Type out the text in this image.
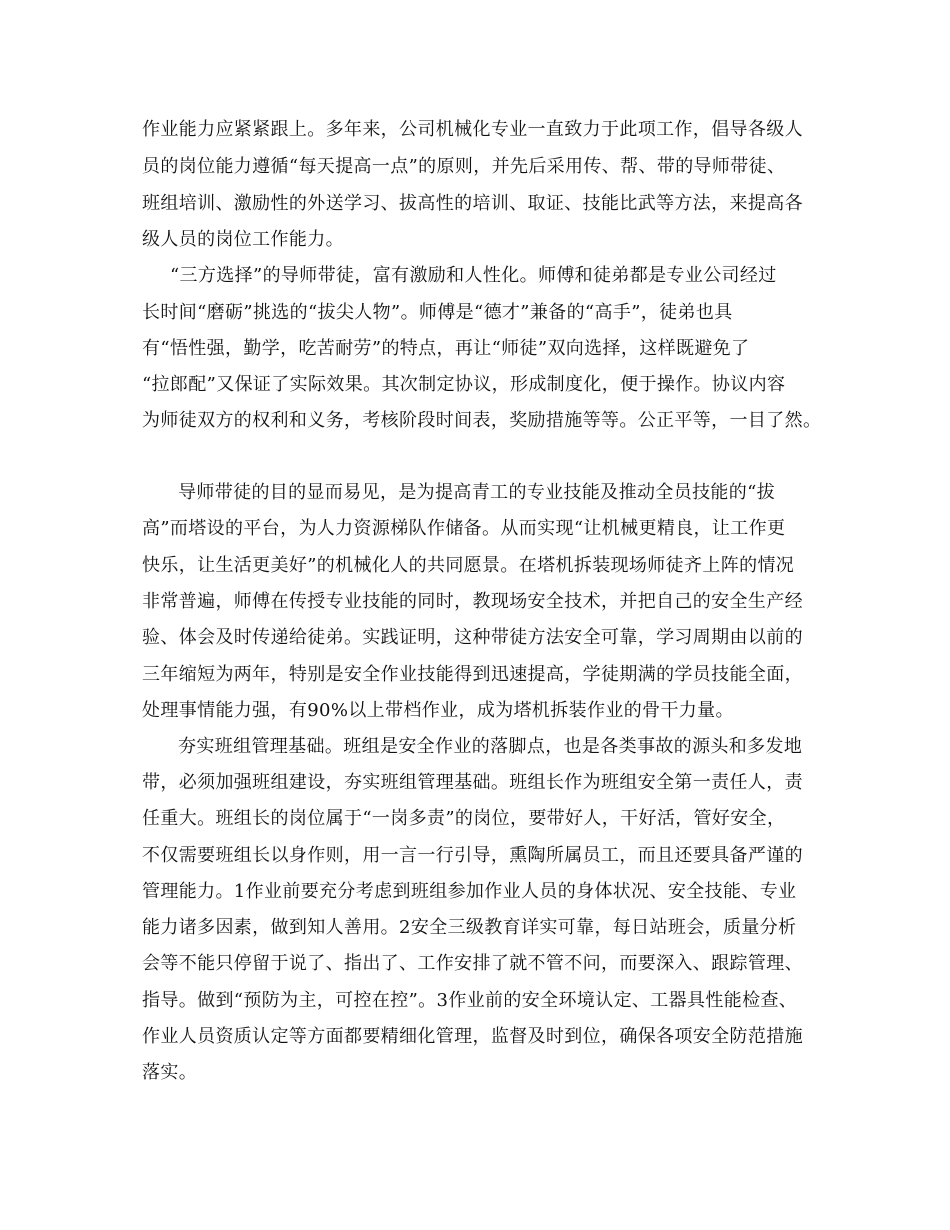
作业能力应紧紧跟上。多年来，公司机械化专业一直致力于此项工作，倡导各级人
员的岗位能力遵循“每天提高一点”的原则，并先后采用传、帮、带的导师带徒、
班组培训、激励性的外送学习、拔高性的培训、取证、技能比武等方法，来提高各
级人员的岗位工作能力。
“三方选择”的导师带徒，富有激励和人性化。师傅和徒弟都是专业公司经过
长时间“磨砺”挑选的“拔尖人物”。师傅是“德才”兼备的“高手”，徒弟也具
有“悟性强，勤学，吃苦耐劳”的特点，再让“师徒”双向选择，这样既避免了
“拉郎配”又保证了实际效果。其次制定协议，形成制度化，便于操作。协议内容
为师徒双方的权利和义务，考核阶段时间表，奖励措施等等。公正平等，一目了然。
导师带徒的目的显而易见，是为提高青工的专业技能及推动全员技能的“拔
高”而塔设的平台，为人力资源梯队作储备。从而实现“让机械更精良，让工作更
快乐，让生活更美好”的机械化人的共同愿景。在塔机拆装现场师徒齐上阵的情况
非常普遍，师傅在传授专业技能的同时，教现场安全技术，并把自己的安全生产经
验、体会及时传递给徒弟。实践证明，这种带徒方法安全可靠，学习周期由以前的
三年缩短为两年，特别是安全作业技能得到迅速提高，学徒期满的学员技能全面，
处理事情能力强，有90%以上带档作业，成为塔机拆装作业的骨干力量。
夯实班组管理基础。班组是安全作业的落脚点，也是各类事故的源头和多发地
带，必须加强班组建设，夯实班组管理基础。班组长作为班组安全第一责任人，责
任重大。班组长的岗位属于“一岗多责”的岗位，要带好人，干好活，管好安全，
不仅需要班组长以身作则，用一言一行引导，熏陶所属员工，而且还要具备严谨的
管理能力。1作业前要充分考虑到班组参加作业人员的身体状况、安全技能、专业
能力诸多因素，做到知人善用。2安全三级教育详实可靠，每日站班会，质量分析
会等不能只停留于说了、指出了、工作安排了就不管不问，而要深入、跟踪管理、
指导。做到“预防为主，可控在控”。3作业前的安全环境认定、工器具性能检查、
作业人员资质认定等方面都要精细化管理，监督及时到位，确保各项安全防范措施
落实。
